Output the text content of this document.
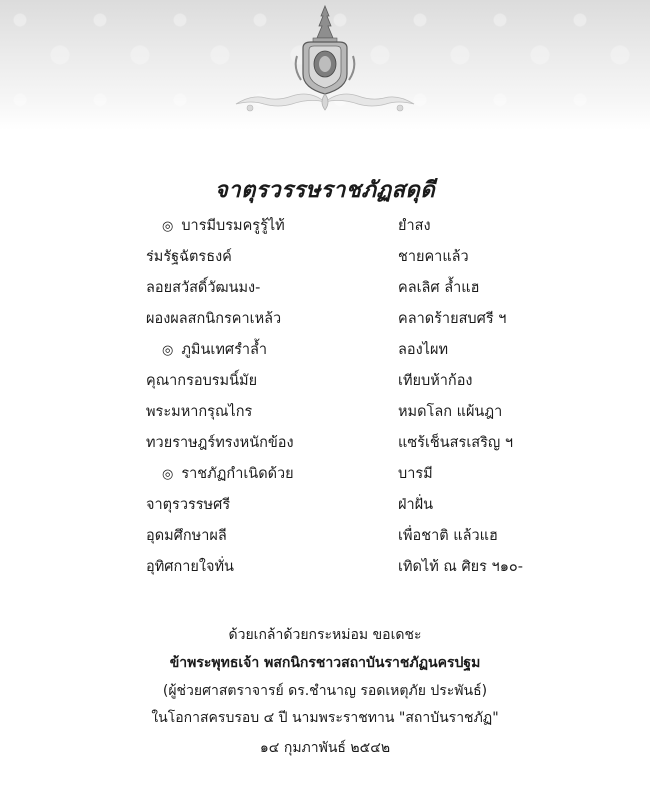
จาตุรวรรษราชภัฏสดุดี
◎ บารมีบรมครูรู้ไท้	ยำสง
ร่มรัฐฉัตรธงค์	ชายคาแล้ว
ลอยสวัสดิ์วัฒนมง-	คลเลิศ ล้ำแฮ
ผองผลสกนิกรคาเหล้ว	คลาดร้ายสบศรี ฯ
◎ ภูมินเทศรำล้ำ	ลองไผท
คุณากรอบรมนิ์มัย	เทียบห้าก้อง
พระมหากรุณไกร	หมดโลก แผ้นฎา
ทวยราษฎร์ทรงหนักข้อง	แซร้เช็นสรเสริญ ฯ
◎ ราชภัฏกำเนิดด้วย	บารมี
จาตุรวรรษศรี	ฝ่าฝั่น
อุดมศึกษาผลี	เพื่อชาติ แล้วแฮ
อุทิศกายใจทั่น	เทิดไท้ ณ ศิยร ฯ๑๐-
ด้วยเกล้าด้วยกระหม่อม ขอเดชะ
ข้าพระพุทธเจ้า พสกนิกรชาวสถาบันราชภัฏนครปฐม
(ผู้ช่วยศาสตราจารย์ ดร.ชำนาญ รอดเหตุภัย ประพันธ์)
ในโอกาสครบรอบ ๔ ปี นามพระราชทาน "สถาบันราชภัฏ"
๑๔ กุมภาพันธ์ ๒๕๔๒
